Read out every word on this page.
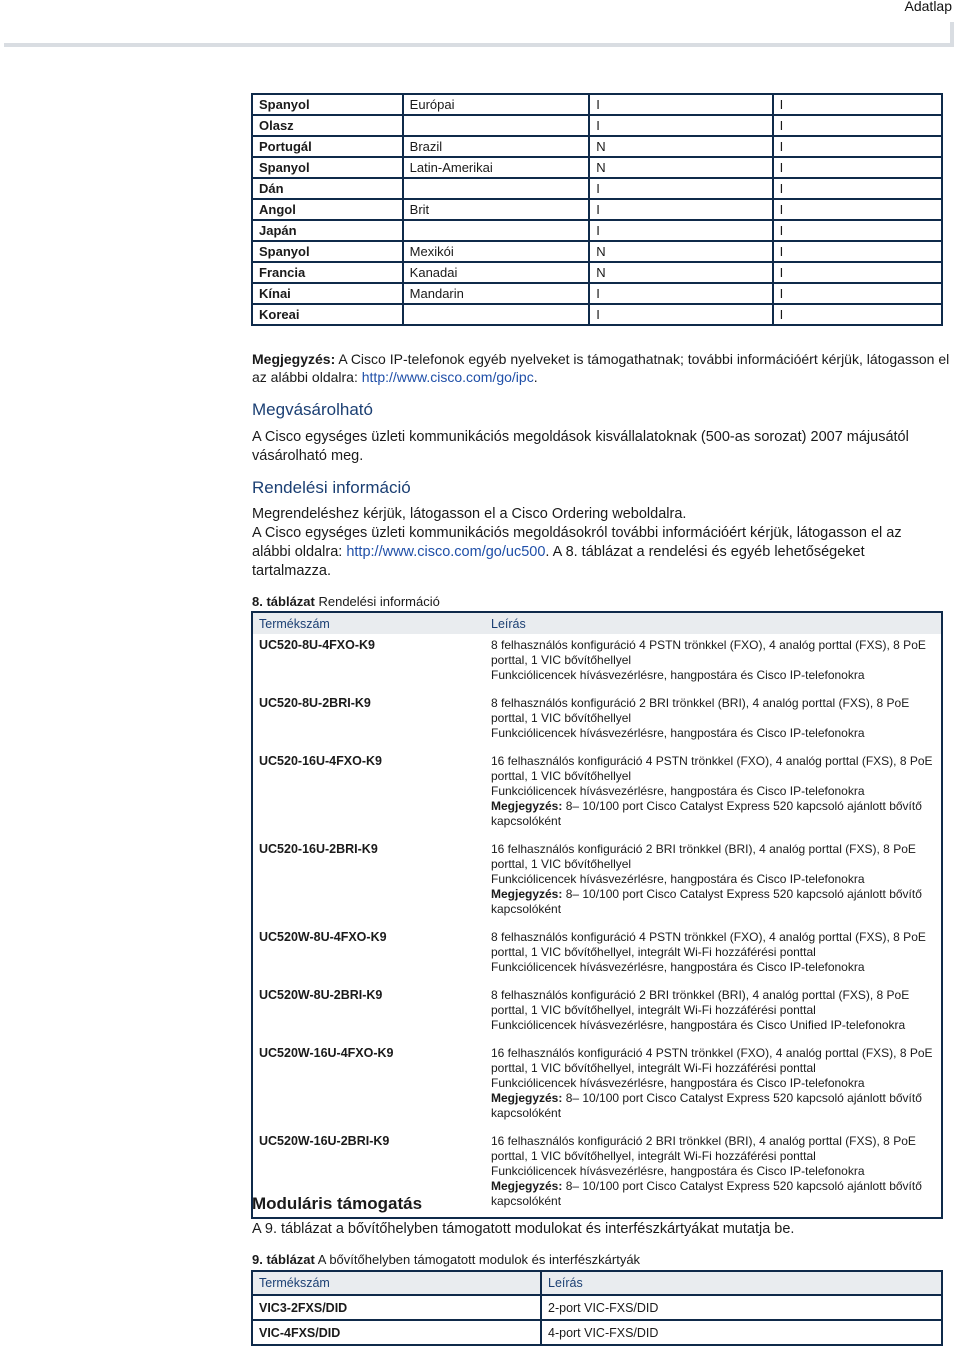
Adatlap
Spanyol	Európai	I	I
Olasz		I	I
Portugál	Brazil	N	I
Spanyol	Latin-Amerikai	N	I
Dán		I	I
Angol	Brit	I	I
Japán		I	I
Spanyol	Mexikói	N	I
Francia	Kanadai	N	I
Kínai	Mandarin	I	I
Koreai		I	I
Megjegyzés: A Cisco IP-telefonok egyéb nyelveket is támogathatnak; további információért kérjük, látogasson el az alábbi oldalra: http://www.cisco.com/go/ipc.
Megvásárolható
A Cisco egységes üzleti kommunikációs megoldások kisvállalatoknak (500-as sorozat) 2007 májusától vásárolható meg.
Rendelési információ
Megrendeléshez kérjük, látogasson el a Cisco Ordering weboldalra.
A Cisco egységes üzleti kommunikációs megoldásokról további információért kérjük, látogasson el az alábbi oldalra: http://www.cisco.com/go/uc500. A 8. táblázat a rendelési és egyéb lehetőségeket tartalmazza.
8. táblázat Rendelési információ
Termékszám	Leírás
UC520-8U-4FXO-K9	8 felhasználós konfiguráció 4 PSTN trönkkel (FXO), 4 analóg porttal (FXS), 8 PoE porttal, 1 VIC bővítőhellyel
Funkciólicencek hívásvezérlésre, hangpostára és Cisco IP-telefonokra

UC520-8U-2BRI-K9	8 felhasználós konfiguráció 2 BRI trönkkel (BRI), 4 analóg porttal (FXS), 8 PoE porttal, 1 VIC bővítőhellyel
Funkciólicencek hívásvezérlésre, hangpostára és Cisco IP-telefonokra

UC520-16U-4FXO-K9	16 felhasználós konfiguráció 4 PSTN trönkkel (FXO), 4 analóg porttal (FXS), 8 PoE porttal, 1 VIC bővítőhellyel
Funkciólicencek hívásvezérlésre, hangpostára és Cisco IP-telefonokra
Megjegyzés: 8– 10/100 port Cisco Catalyst Express 520 kapcsoló ajánlott bővítő kapcsolóként

UC520-16U-2BRI-K9	16 felhasználós konfiguráció 2 BRI trönkkel (BRI), 4 analóg porttal (FXS), 8 PoE porttal, 1 VIC bővítőhellyel
Funkciólicencek hívásvezérlésre, hangpostára és Cisco IP-telefonokra
Megjegyzés: 8– 10/100 port Cisco Catalyst Express 520 kapcsoló ajánlott bővítő kapcsolóként

UC520W-8U-4FXO-K9	8 felhasználós konfiguráció 4 PSTN trönkkel (FXO), 4 analóg porttal (FXS), 8 PoE porttal, 1 VIC bővítőhellyel, integrált Wi-Fi hozzáférési ponttal
Funkciólicencek hívásvezérlésre, hangpostára és Cisco IP-telefonokra

UC520W-8U-2BRI-K9	8 felhasználós konfiguráció 2 BRI trönkkel (BRI), 4 analóg porttal (FXS), 8 PoE porttal, 1 VIC bővítőhellyel, integrált Wi-Fi hozzáférési ponttal
Funkciólicencek hívásvezérlésre, hangpostára és Cisco Unified IP-telefonokra

UC520W-16U-4FXO-K9	16 felhasználós konfiguráció 4 PSTN trönkkel (FXO), 4 analóg porttal (FXS), 8 PoE porttal, 1 VIC bővítőhellyel, integrált Wi-Fi hozzáférési ponttal
Funkciólicencek hívásvezérlésre, hangpostára és Cisco IP-telefonokra
Megjegyzés: 8– 10/100 port Cisco Catalyst Express 520 kapcsoló ajánlott bővítő kapcsolóként

UC520W-16U-2BRI-K9	16 felhasználós konfiguráció 2 BRI trönkkel (BRI), 4 analóg porttal (FXS), 8 PoE porttal, 1 VIC bővítőhellyel, integrált Wi-Fi hozzáférési ponttal
Funkciólicencek hívásvezérlésre, hangpostára és Cisco IP-telefonokra
Megjegyzés: 8– 10/100 port Cisco Catalyst Express 520 kapcsoló ajánlott bővítő kapcsolóként
Moduláris támogatás
A 9. táblázat a bővítőhelyben támogatott modulokat és interfészkártyákat mutatja be.
9. táblázat A bővítőhelyben támogatott modulok és interfészkártyák
Termékszám	Leírás
VIC3-2FXS/DID	2-port VIC-FXS/DID
VIC-4FXS/DID	4-port VIC-FXS/DID
